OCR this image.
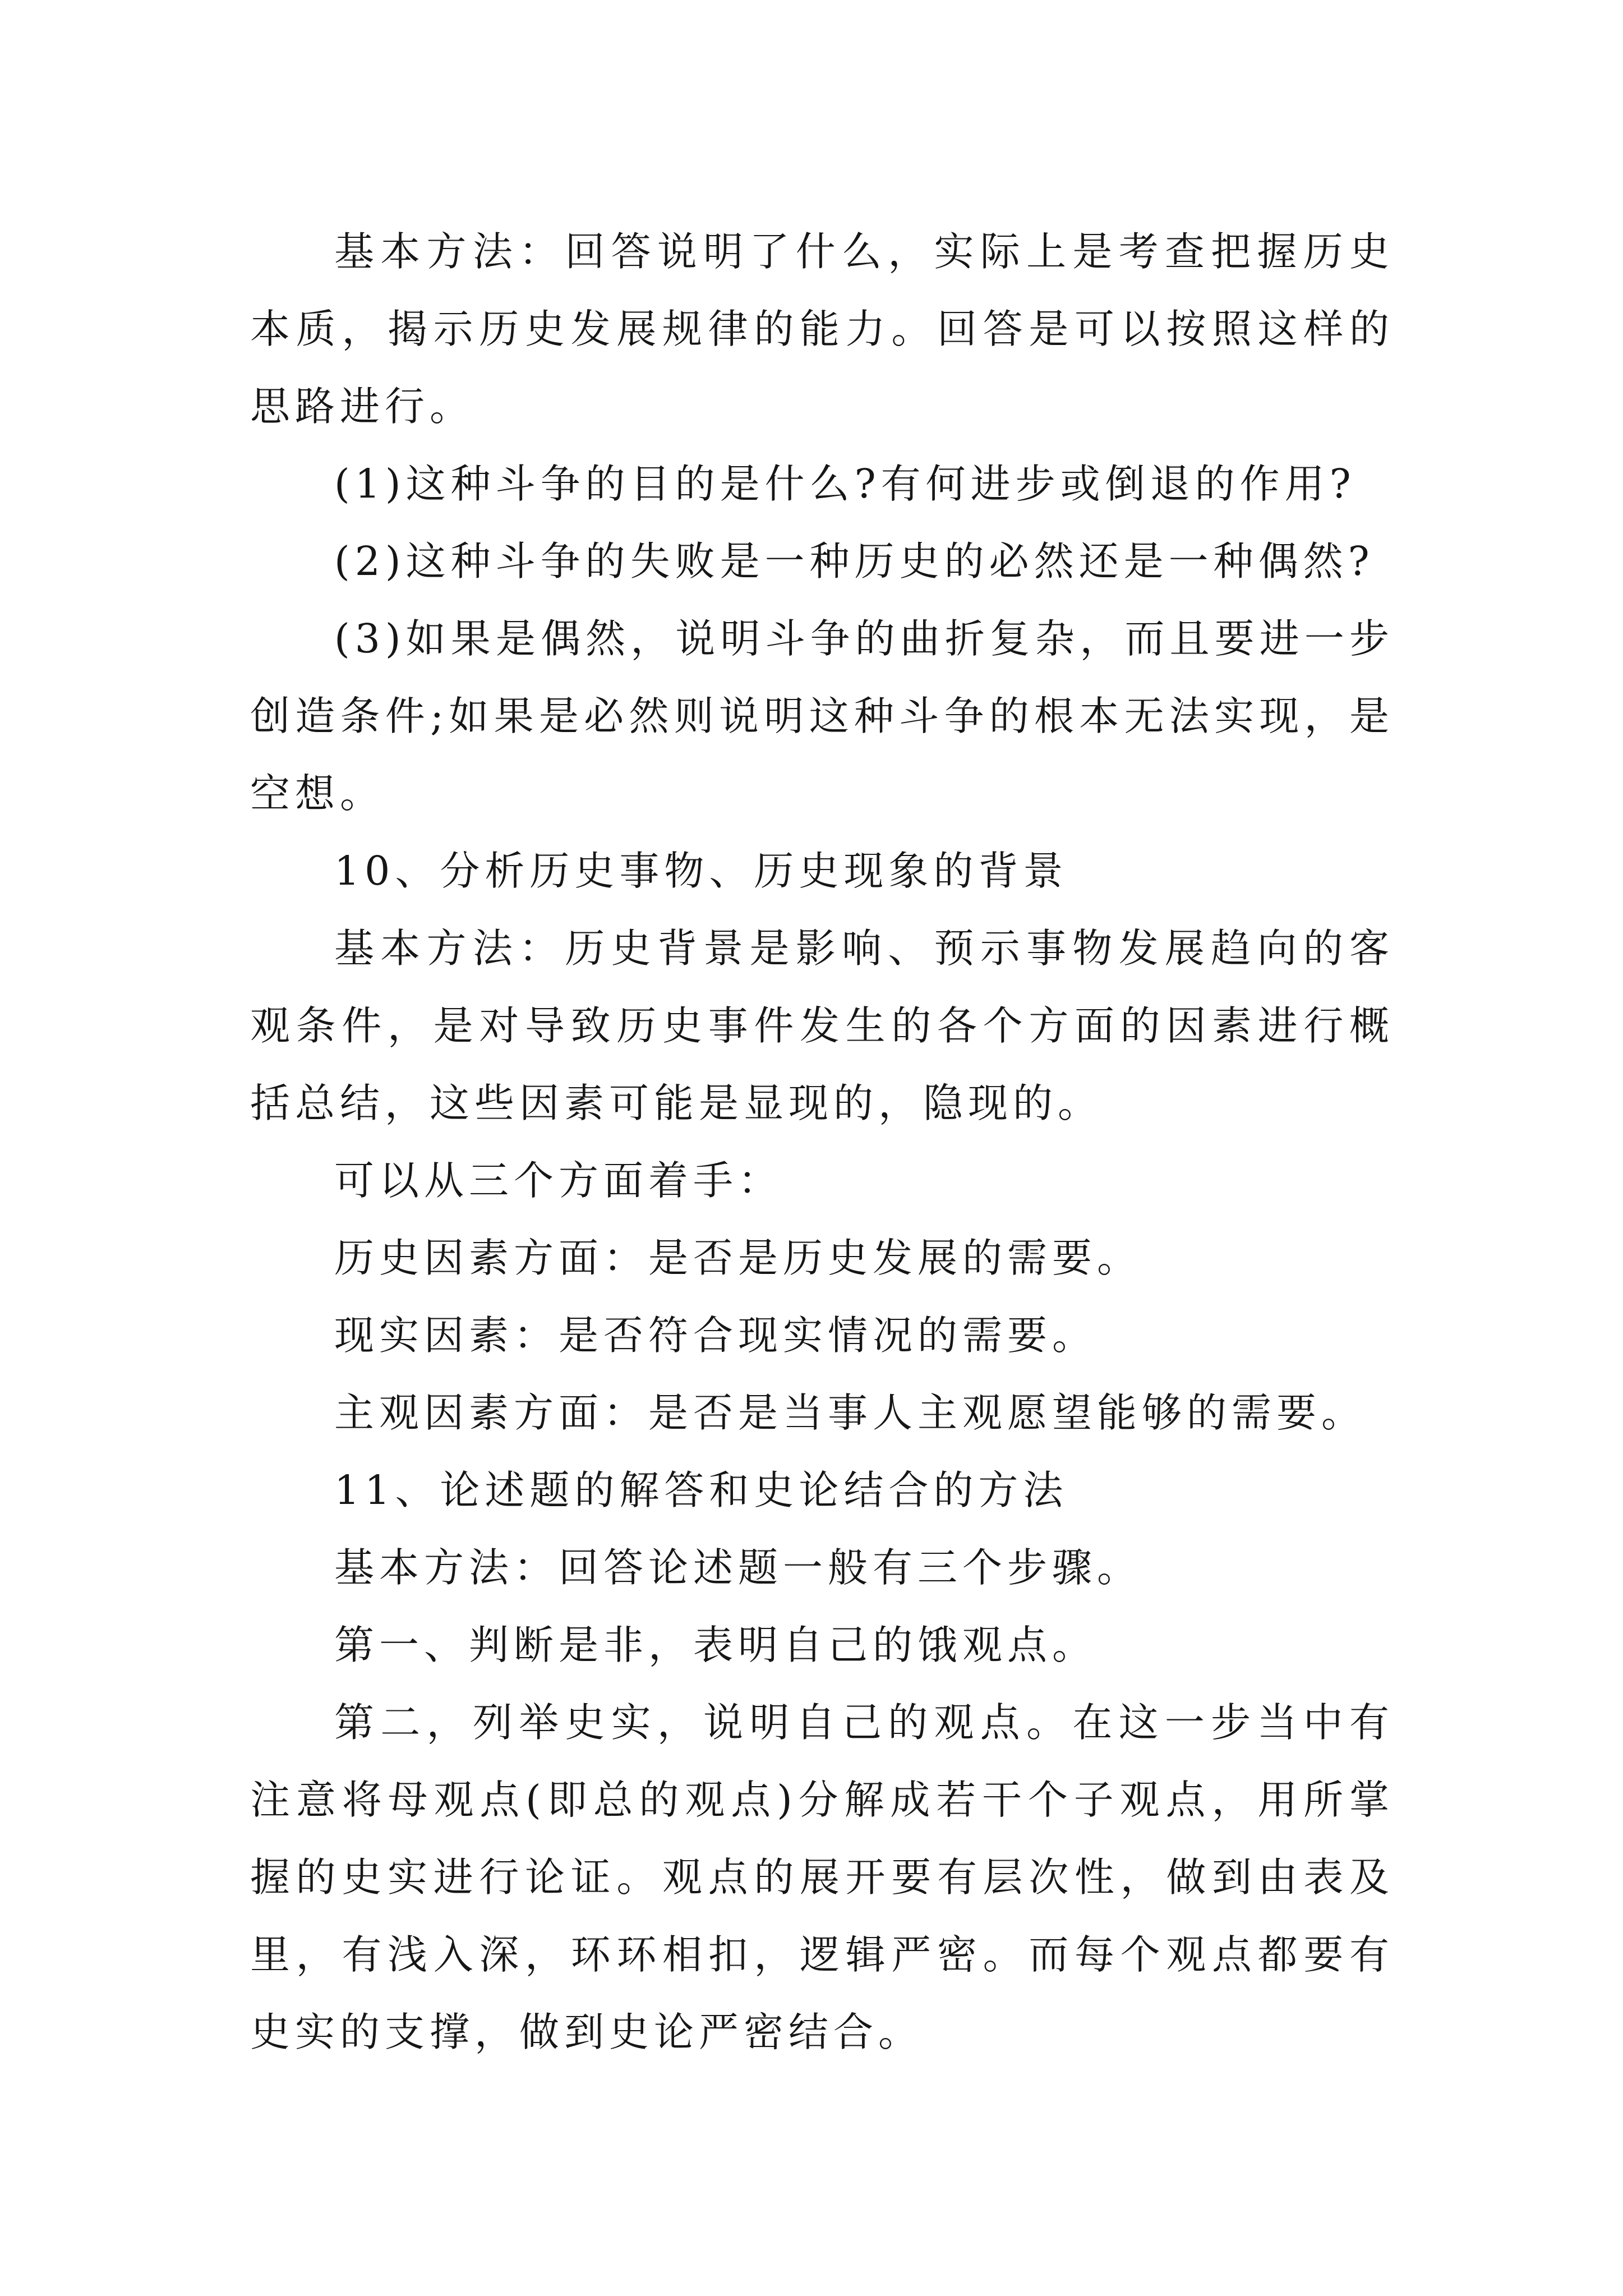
基本方法：回答说明了什么，实际上是考查把握历史本质，揭示历史发展规律的能力。回答是可以按照这样的思路进行。

(1)这种斗争的目的是什么?有何进步或倒退的作用?

(2)这种斗争的失败是一种历史的必然还是一种偶然?

(3)如果是偶然，说明斗争的曲折复杂，而且要进一步创造条件;如果是必然则说明这种斗争的根本无法实现，是空想。

10、分析历史事物、历史现象的背景

基本方法：历史背景是影响、预示事物发展趋向的客观条件，是对导致历史事件发生的各个方面的因素进行概括总结，这些因素可能是显现的，隐现的。

可以从三个方面着手：

历史因素方面：是否是历史发展的需要。

现实因素：是否符合现实情况的需要。

主观因素方面：是否是当事人主观愿望能够的需要。

11、论述题的解答和史论结合的方法

基本方法：回答论述题一般有三个步骤。

第一、判断是非，表明自己的饿观点。

第二，列举史实，说明自己的观点。在这一步当中有注意将母观点(即总的观点)分解成若干个子观点，用所掌握的史实进行论证。观点的展开要有层次性，做到由表及里，有浅入深，环环相扣，逻辑严密。而每个观点都要有史实的支撑，做到史论严密结合。
